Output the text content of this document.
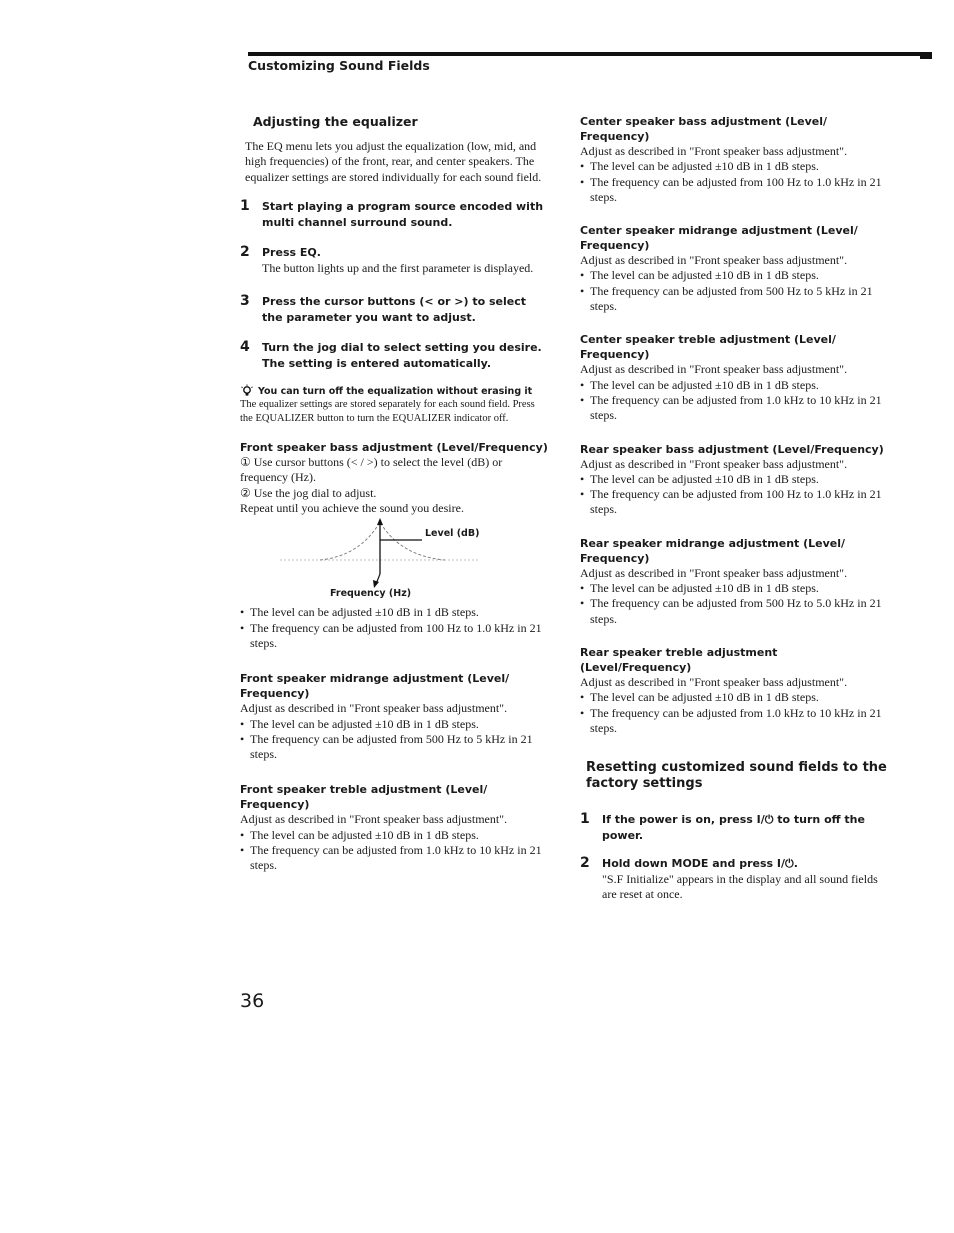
Customizing Sound Fields
Adjusting the equalizer

The EQ menu lets you adjust the equalization (low, mid, and high frequencies) of the front, rear, and center speakers. The equalizer settings are stored individually for each sound field.

1	Start playing a program source encoded with multi channel surround sound.
2	Press EQ.
The button lights up and the first parameter is displayed.
3	Press the cursor buttons (< or >) to select the parameter you want to adjust.
4	Turn the jog dial to select setting you desire. The setting is entered automatically.
You can turn off the equalization without erasing it

The equalizer settings are stored separately for each sound field. Press the EQUALIZER button to turn the EQUALIZER indicator off.

Front speaker bass adjustment (Level/Frequency)

① Use cursor buttons (< / >) to select the level (dB) or frequency (Hz).

② Use the jog dial to adjust.

Repeat until you achieve the sound you desire.

Level (dB)
Frequency (Hz)
• The level can be adjusted ±10 dB in 1 dB steps.
• The frequency can be adjusted from 100 Hz to 1.0 kHz in 21 steps.
Front speaker midrange adjustment (Level/ Frequency)

Adjust as described in "Front speaker bass adjustment".

• The level can be adjusted ±10 dB in 1 dB steps.
• The frequency can be adjusted from 500 Hz to 5 kHz in 21 steps.
Front speaker treble adjustment (Level/ Frequency)

Adjust as described in "Front speaker bass adjustment".

• The level can be adjusted ±10 dB in 1 dB steps.
• The frequency can be adjusted from 1.0 kHz to 10 kHz in 21 steps.
Center speaker bass adjustment (Level/ Frequency)

Adjust as described in "Front speaker bass adjustment".

• The level can be adjusted ±10 dB in 1 dB steps.
• The frequency can be adjusted from 100 Hz to 1.0 kHz in 21 steps.
Center speaker midrange adjustment (Level/ Frequency)

Adjust as described in "Front speaker bass adjustment".

• The level can be adjusted ±10 dB in 1 dB steps.
• The frequency can be adjusted from 500 Hz to 5 kHz in 21 steps.
Center speaker treble adjustment (Level/ Frequency)

Adjust as described in "Front speaker bass adjustment".

• The level can be adjusted ±10 dB in 1 dB steps.
• The frequency can be adjusted from 1.0 kHz to 10 kHz in 21 steps.
Rear speaker bass adjustment (Level/Frequency)

Adjust as described in "Front speaker bass adjustment".

• The level can be adjusted ±10 dB in 1 dB steps.
• The frequency can be adjusted from 100 Hz to 1.0 kHz in 21 steps.
Rear speaker midrange adjustment (Level/ Frequency)

Adjust as described in "Front speaker bass adjustment".

• The level can be adjusted ±10 dB in 1 dB steps.
• The frequency can be adjusted from 500 Hz to 5.0 kHz in 21 steps.
Rear speaker treble adjustment (Level/Frequency)

Adjust as described in "Front speaker bass adjustment".

• The level can be adjusted ±10 dB in 1 dB steps.
• The frequency can be adjusted from 1.0 kHz to 10 kHz in 21 steps.
Resetting customized sound fields to the factory settings
1	If the power is on, press I/⏻ to turn off the power.
2	Hold down MODE and press I/⏻.
"S.F Initialize" appears in the display and all sound fields are reset at once.
36
